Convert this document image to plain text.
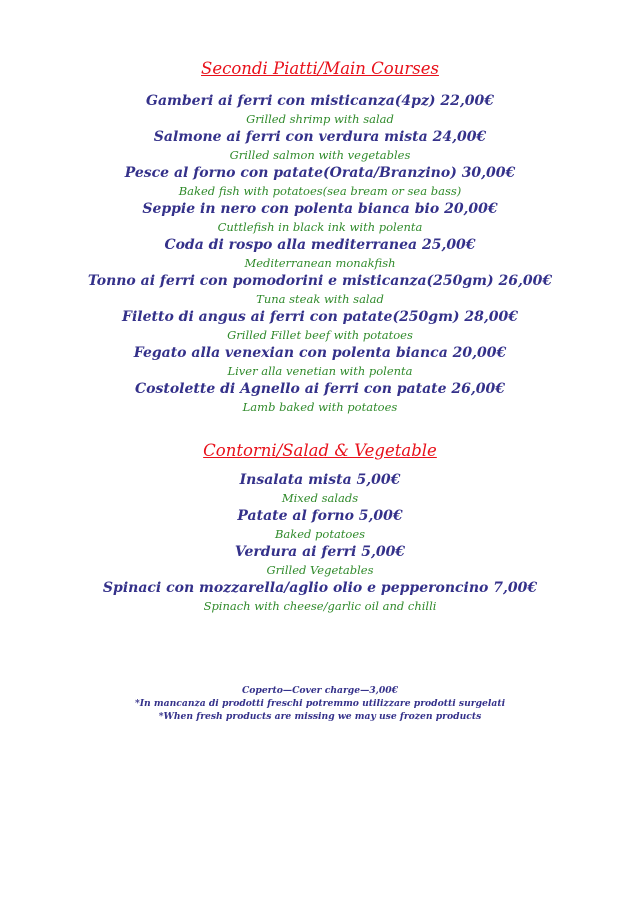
Secondi Piatti/Main Courses
Gamberi ai ferri con misticanza(4pz) 22,00€
Grilled shrimp with salad
Salmone ai ferri con verdura mista 24,00€
Grilled salmon with vegetables
Pesce al forno con patate(Orata/Branzino) 30,00€
Baked fish with potatoes(sea bream or sea bass)
Seppie in nero con polenta bianca bio 20,00€
Cuttlefish in black ink with polenta
Coda di rospo alla mediterranea 25,00€
Mediterranean monakfish
Tonno ai ferri con pomodorini e misticanza(250gm) 26,00€
Tuna steak with salad
Filetto di angus ai ferri con patate(250gm) 28,00€
Grilled Fillet beef with potatoes
Fegato alla venexian con polenta bianca 20,00€
Liver alla venetian with polenta
Costolette di Agnello ai ferri con patate 26,00€
Lamb baked with potatoes
Contorni/Salad & Vegetable
Insalata mista 5,00€
Mixed salads
Patate al forno 5,00€
Baked potatoes
Verdura ai ferri 5,00€
Grilled Vegetables
Spinaci con mozzarella/aglio olio e pepperoncino 7,00€
Spinach with cheese/garlic oil and chilli
Coperto—Cover charge—3,00€
*In mancanza di prodotti freschi potremmo utilizzare prodotti surgelati
*When fresh products are missing we may use frozen products
